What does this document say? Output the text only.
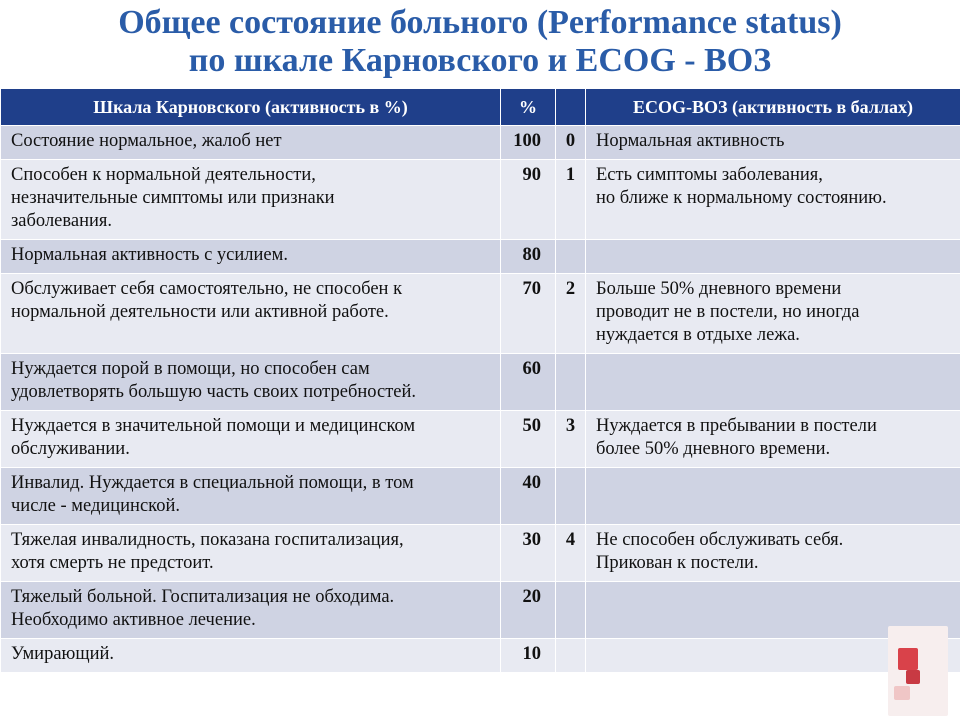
Общее состояние больного (Performance status)
по шкале Карновского и ECOG - ВОЗ
Шкала Карновского (активность в %)	%		ECOG-ВОЗ (активность в баллах)
Состояние нормальное, жалоб нет	100	0	Нормальная активность
Способен к нормальной деятельности,
незначительные симптомы или признаки
заболевания.	90	1	Есть симптомы заболевания,
но ближе к нормальному состоянию.
Нормальная активность с усилием.	80		
Обслуживает себя самостоятельно, не способен к
нормальной деятельности или активной работе.	70	2	Больше 50% дневного времени
проводит не в постели, но иногда
нуждается в отдыхе лежа.
Нуждается порой в помощи, но способен сам
удовлетворять большую часть своих потребностей.	60		
Нуждается в значительной помощи и медицинском
обслуживании.	50	3	Нуждается в пребывании в постели
более 50% дневного времени.
Инвалид. Нуждается в специальной помощи, в том
числе - медицинской.	40		
Тяжелая инвалидность, показана госпитализация,
хотя смерть не предстоит.	30	4	Не способен обслуживать себя.
Прикован к постели.
Тяжелый больной. Госпитализация не обходима.
Необходимо активное лечение.	20		
Умирающий.	10		
